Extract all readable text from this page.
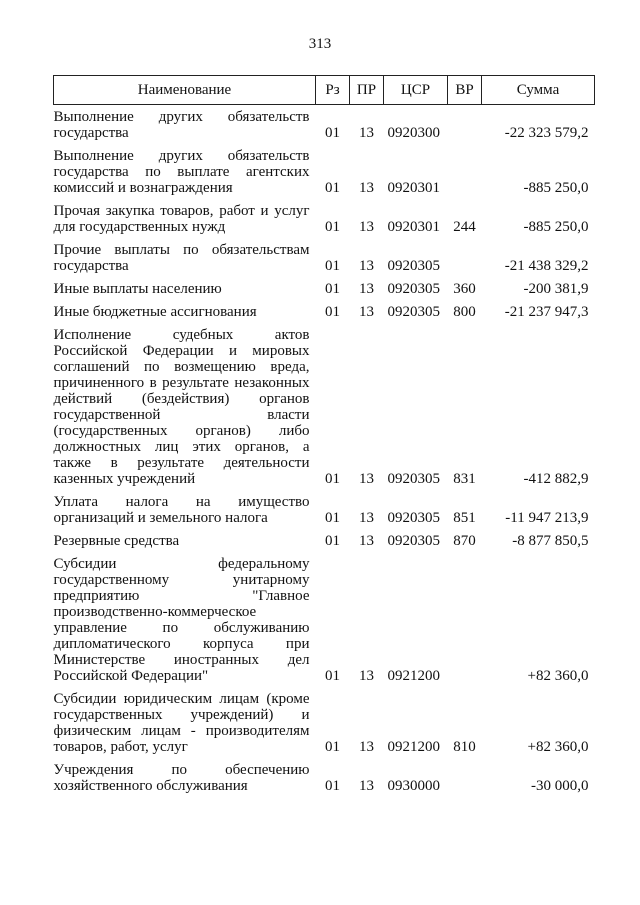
313
Наименование	Рз	ПР	ЦСР	ВР	Сумма
Выполнение других обязательств государства	01	13	0920300		-22 323 579,2
Выполнение других обязательств государства по выплате агентских комиссий и вознаграждения	01	13	0920301		-885 250,0
Прочая закупка товаров, работ и услуг для государственных нужд	01	13	0920301	244	-885 250,0
Прочие выплаты по обязательствам государства	01	13	0920305		-21 438 329,2
Иные выплаты населению	01	13	0920305	360	-200 381,9
Иные бюджетные ассигнования	01	13	0920305	800	-21 237 947,3
Исполнение судебных актов Российской Федерации и мировых соглашений по возмещению вреда, причиненного в результате незаконных действий (бездействия) органов государственной власти (государственных органов) либо должностных лиц этих органов, а также в результате деятельности казенных учреждений	01	13	0920305	831	-412 882,9
Уплата налога на имущество организаций и земельного налога	01	13	0920305	851	-11 947 213,9
Резервные средства	01	13	0920305	870	-8 877 850,5
Субсидии федеральному государственному унитарному предприятию "Главное производственно-коммерческое управление по обслуживанию дипломатического корпуса при Министерстве иностранных дел Российской Федерации"	01	13	0921200		+82 360,0
Субсидии юридическим лицам (кроме государственных учреждений) и физическим лицам - производителям товаров, работ, услуг	01	13	0921200	810	+82 360,0
Учреждения по обеспечению хозяйственного обслуживания	01	13	0930000		-30 000,0
